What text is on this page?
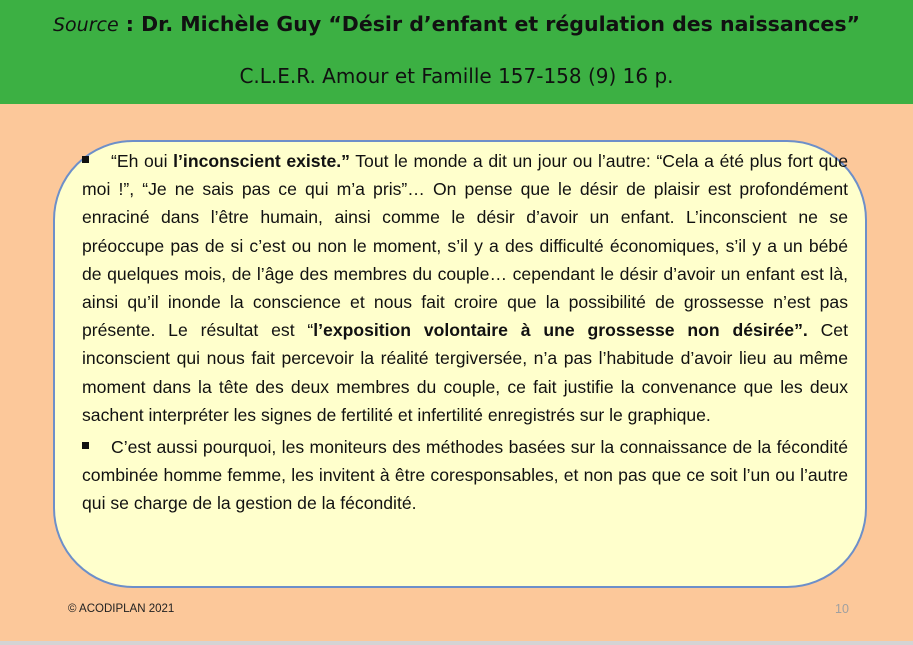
Source : Dr. Michèle Guy “Désir d’enfant et régulation des naissances”
C.L.E.R. Amour et Famille 157-158 (9) 16 p.

“Eh oui l’inconscient existe.” Tout le monde a dit un jour ou l’autre: “Cela a été plus fort que moi !”, “Je ne sais pas ce qui m’a pris”… On pense que le désir de plaisir est profondément enraciné dans l’être humain, ainsi comme le désir d’avoir un enfant. L’inconscient ne se préoccupe pas de si c’est ou non le moment, s’il y a des difficulté économiques, s’il y a un bébé de quelques mois, de l’âge des membres du couple… cependant le désir d’avoir un enfant est là, ainsi qu’il inonde la conscience et nous fait croire que la possibilité de grossesse n’est pas présente. Le résultat est “l’exposition volontaire à une grossesse non désirée”. Cet inconscient qui nous fait percevoir la réalité tergiversée, n’a pas l’habitude d’avoir lieu au même moment dans la tête des deux membres du couple, ce fait justifie la convenance que les deux sachent interpréter les signes de fertilité et infertilité enregistrés sur le graphique.

C’est aussi pourquoi, les moniteurs des méthodes basées sur la connaissance de la fécondité combinée homme femme, les invitent à être coresponsables, et non pas que ce soit l’un ou l’autre qui se charge de la gestion de la fécondité.

© ACODIPLAN 2021	10
